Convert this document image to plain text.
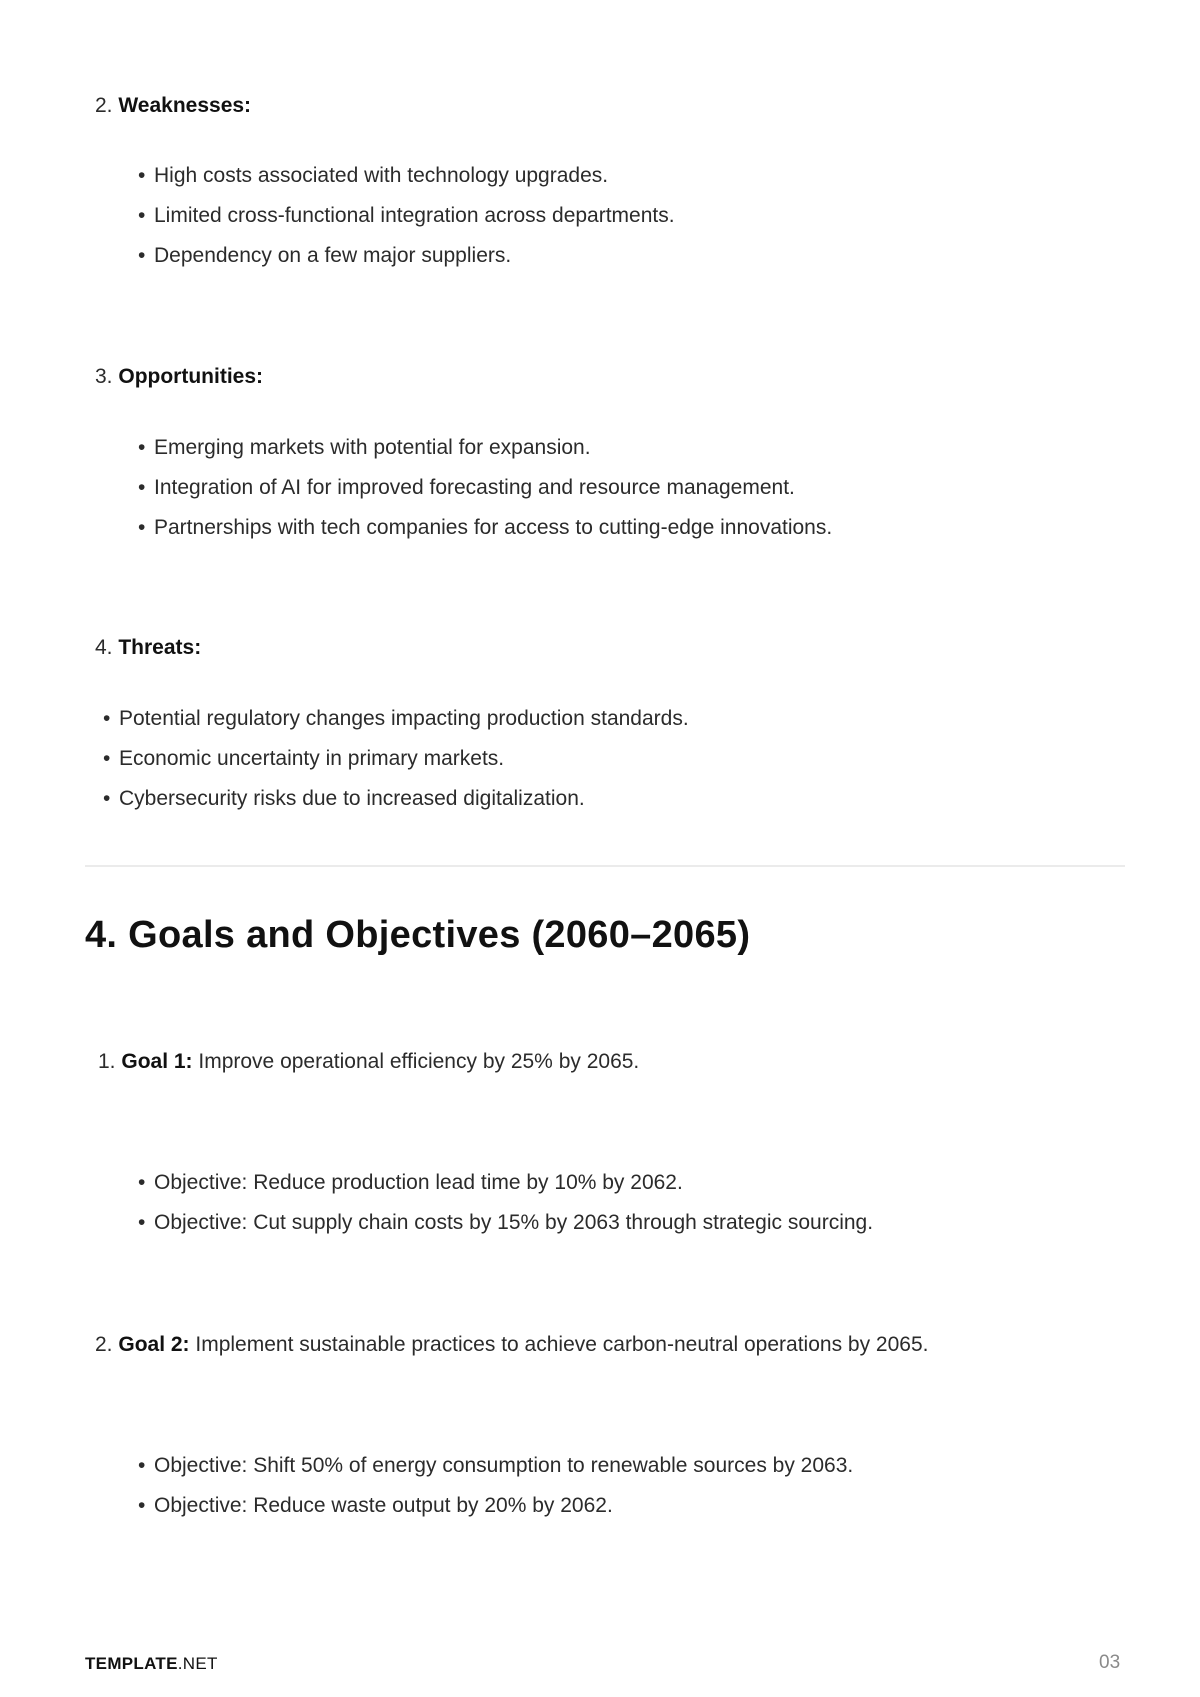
2. Weaknesses:
• High costs associated with technology upgrades.
• Limited cross-functional integration across departments.
• Dependency on a few major suppliers.
3. Opportunities:
• Emerging markets with potential for expansion.
• Integration of AI for improved forecasting and resource management.
• Partnerships with tech companies for access to cutting-edge innovations.
4. Threats:
• Potential regulatory changes impacting production standards.
• Economic uncertainty in primary markets.
• Cybersecurity risks due to increased digitalization.
4. Goals and Objectives (2060–2065)
1. Goal 1: Improve operational efficiency by 25% by 2065.
• Objective: Reduce production lead time by 10% by 2062.
• Objective: Cut supply chain costs by 15% by 2063 through strategic sourcing.
2. Goal 2: Implement sustainable practices to achieve carbon-neutral operations by 2065.
• Objective: Shift 50% of energy consumption to renewable sources by 2063.
• Objective: Reduce waste output by 20% by 2062.
TEMPLATE.NET	03
